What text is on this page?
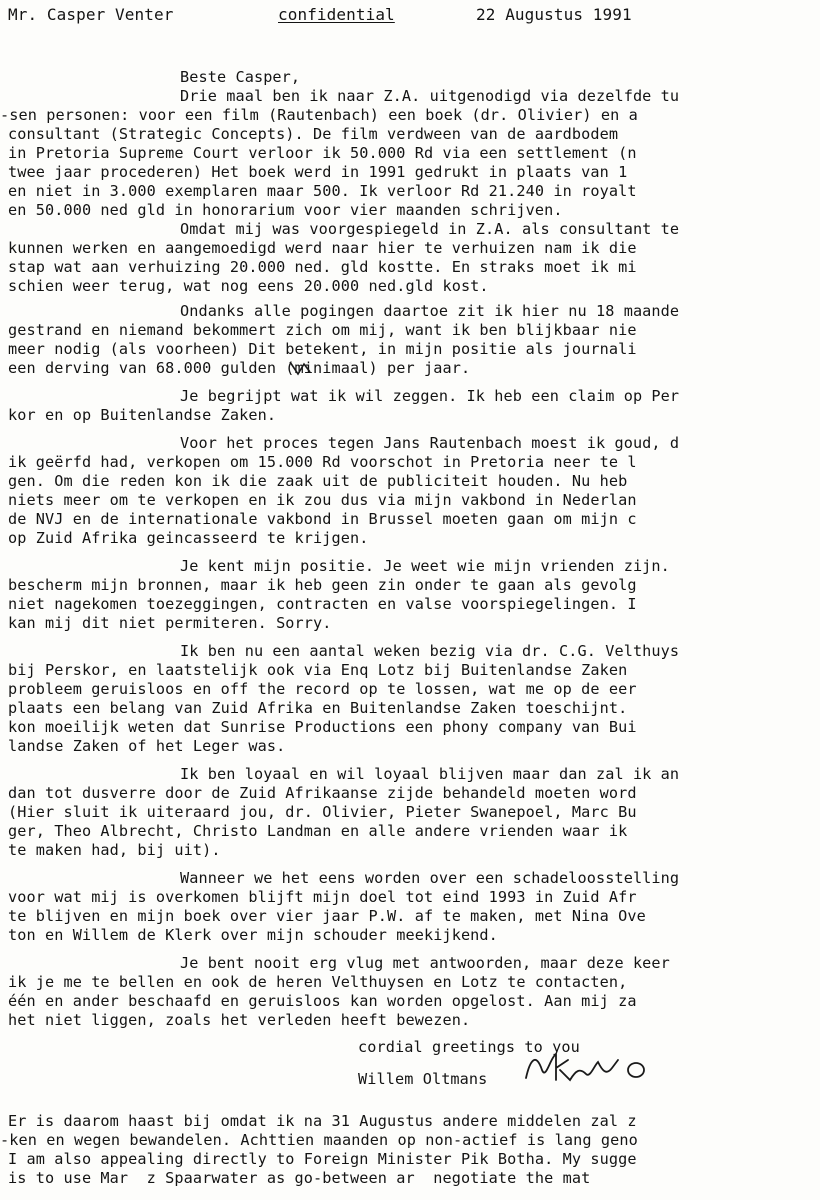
Mr. Casper Venter	confidential	22 Augustus 1991
Beste Casper,
Drie maal ben ik naar Z.A. uitgenodigd via dezelfde tu
-sen personen: voor een film (Rautenbach) een boek (dr. Olivier) en a
consultant (Strategic Concepts). De film verdween van de aardbodem
in Pretoria Supreme Court verloor ik 50.000 Rd via een settlement (n
twee jaar procederen) Het boek werd in 1991 gedrukt in plaats van 1
en niet in 3.000 exemplaren maar 500. Ik verloor Rd 21.240 in royalt
en 50.000 ned gld in honorarium voor vier maanden schrijven.
Omdat mij was voorgespiegeld in Z.A. als consultant te
kunnen werken en aangemoedigd werd naar hier te verhuizen nam ik die
stap wat aan verhuizing 20.000 ned. gld kostte. En straks moet ik mi
schien weer terug, wat nog eens 20.000 ned.gld kost.
Ondanks alle pogingen daartoe zit ik hier nu 18 maande
gestrand en niemand bekommert zich om mij, want ik ben blijkbaar nie
meer nodig (als voorheen) Dit betekent, in mijn positie als journali
een derving van 68.000 gulden (minimaal) per jaar.
Je begrijpt wat ik wil zeggen. Ik heb een claim op Per
kor en op Buitenlandse Zaken.
Voor het proces tegen Jans Rautenbach moest ik goud, d
ik geërfd had, verkopen om 15.000 Rd voorschot in Pretoria neer te l
gen. Om die reden kon ik die zaak uit de publiciteit houden. Nu heb
niets meer om te verkopen en ik zou dus via mijn vakbond in Nederlan
de NVJ en de internationale vakbond in Brussel moeten gaan om mijn c
op Zuid Afrika geincasseerd te krijgen.
Je kent mijn positie. Je weet wie mijn vrienden zijn.
bescherm mijn bronnen, maar ik heb geen zin onder te gaan als gevolg
niet nagekomen toezeggingen, contracten en valse voorspiegelingen. I
kan mij dit niet permiteren. Sorry.
Ik ben nu een aantal weken bezig via dr. C.G. Velthuys
bij Perskor, en laatstelijk ook via Enq Lotz bij Buitenlandse Zaken
probleem geruisloos en off the record op te lossen, wat me op de eer
plaats een belang van Zuid Afrika en Buitenlandse Zaken toeschijnt.
kon moeilijk weten dat Sunrise Productions een phony company van Bui
landse Zaken of het Leger was.
Ik ben loyaal en wil loyaal blijven maar dan zal ik an
dan tot dusverre door de Zuid Afrikaanse zijde behandeld moeten word
(Hier sluit ik uiteraard jou, dr. Olivier, Pieter Swanepoel, Marc Bu
ger, Theo Albrecht, Christo Landman en alle andere vrienden waar ik
te maken had, bij uit).
Wanneer we het eens worden over een schadeloosstelling
voor wat mij is overkomen blijft mijn doel tot eind 1993 in Zuid Afr
te blijven en mijn boek over vier jaar P.W. af te maken, met Nina Ove
ton en Willem de Klerk over mijn schouder meekijkend.
Je bent nooit erg vlug met antwoorden, maar deze keer
ik je me te bellen en ook de heren Velthuysen en Lotz te contacten,
één en ander beschaafd en geruisloos kan worden opgelost. Aan mij za
het niet liggen, zoals het verleden heeft bewezen.
cordial greetings to you
Willem Oltmans
Er is daarom haast bij omdat ik na 31 Augustus andere middelen zal z
-ken en wegen bewandelen. Achttien maanden op non-actief is lang geno
I am also appealing directly to Foreign Minister Pik Botha. My sugge
is to use Mar  z Spaarwater as go-between ar  negotiate the mat
